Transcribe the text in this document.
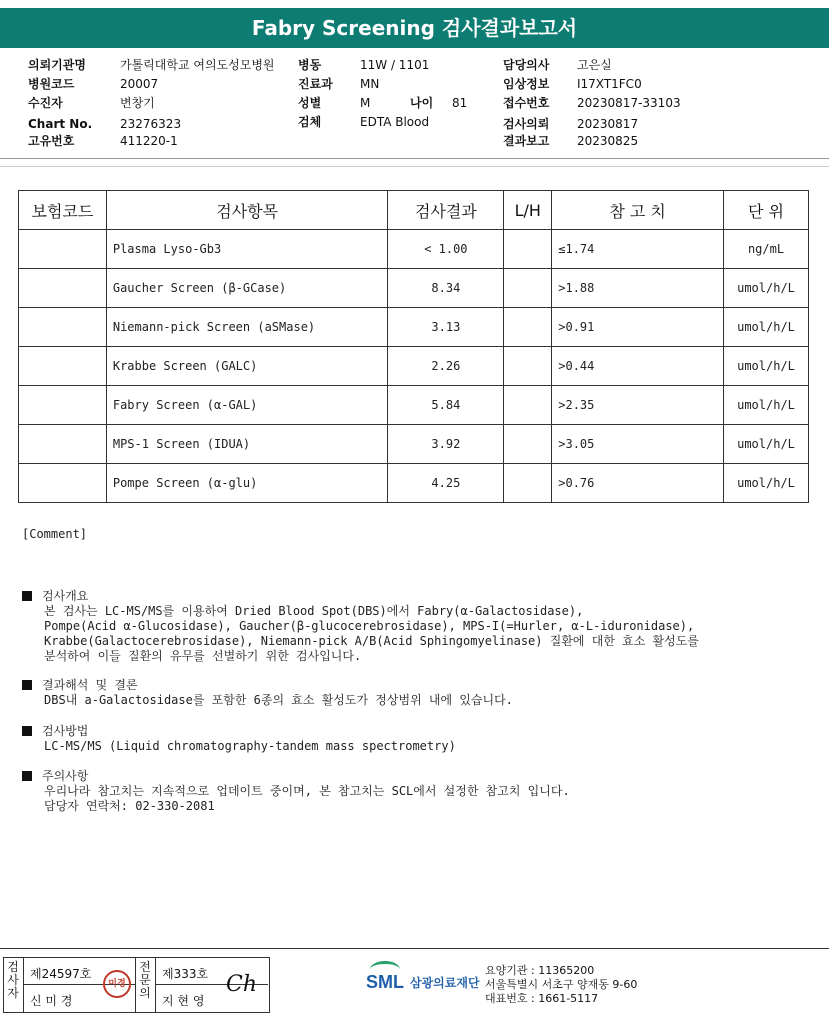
Fabry Screening 검사결과보고서
의뢰기관명	가톨릭대학교 여의도성모병원
병원코드	20007
수진자	변창기
Chart No. 23276323
고유번호	411220-1
병동	11W / 1101
진료과 MN
성별	M	나이 81
검체	EDTA Blood
담당의사 고은실
임상정보 I17XT1FC0
접수번호 20230817-33103
검사의뢰 20230817
결과보고 20230825
보험코드	검사항목	검사결과	L/H	참 고 치	단 위
	Plasma Lyso-Gb3	< 1.00		≤1.74	ng/mL
	Gaucher Screen (β-GCase)	8.34		>1.88	umol/h/L
	Niemann-pick Screen (aSMase)	3.13		>0.91	umol/h/L
	Krabbe Screen (GALC)	2.26		>0.44	umol/h/L
	Fabry Screen (α-GAL)	5.84		>2.35	umol/h/L
	MPS-1 Screen (IDUA)	3.92		>3.05	umol/h/L
	Pompe Screen (α-glu)	4.25		>0.76	umol/h/L
[Comment]
검사개요
본 검사는 LC-MS/MS를 이용하여 Dried Blood Spot(DBS)에서 Fabry(α-Galactosidase),
Pompe(Acid α-Glucosidase), Gaucher(β-glucocerebrosidase), MPS-I(=Hurler, α-L-iduronidase),
Krabbe(Galactocerebrosidase), Niemann-pick A/B(Acid Sphingomyelinase) 질환에 대한 효소 활성도를
분석하여 이들 질환의 유무를 선별하기 위한 검사입니다.
결과해석 및 결론
DBS내 a-Galactosidase를 포함한 6종의 효소 활성도가 정상범위 내에 있습니다.
검사방법
LC-MS/MS (Liquid chromatography-tandem mass spectrometry)
주의사항
우리나라 참고치는 지속적으로 업데이트 중이며, 본 참고치는 SCL에서 설정한 참고치 입니다.
담당자 연락처: 02-330-2081
검사자
제24597호
신 미 경
미경
전문의
제333호
지 현 영
Ch	SML 삼광의료재단
요양기관 : 11365200
서울특별시 서초구 양재동 9-60
대표번호 : 1661-5117
